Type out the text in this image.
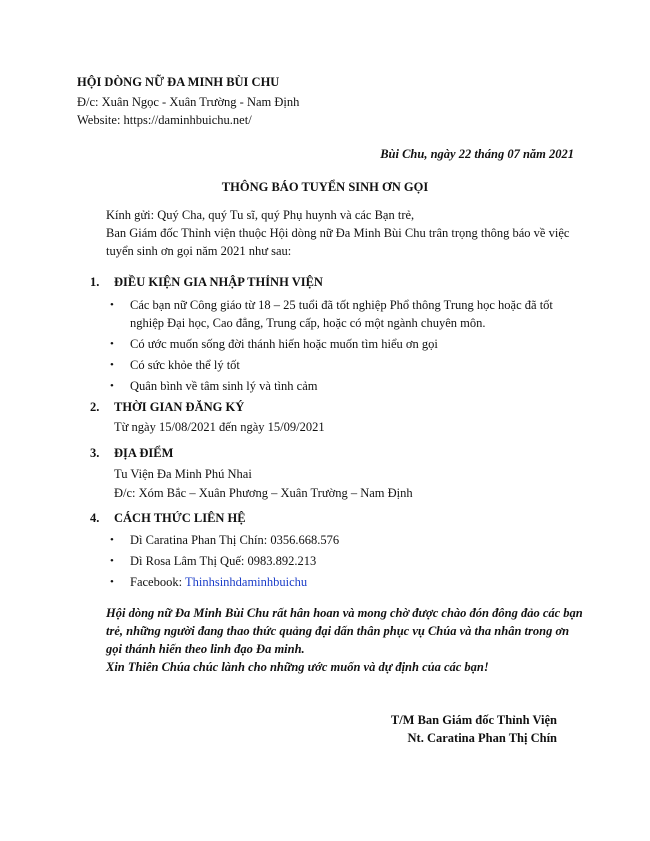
HỘI DÒNG NỮ ĐA MINH BÙI CHU
Đ/c: Xuân Ngọc - Xuân Trường - Nam Định
Website: https://daminhbuichu.net/
Bùi Chu, ngày 22 tháng 07 năm 2021
THÔNG BÁO TUYỂN SINH ƠN GỌI
Kính gửi: Quý Cha, quý Tu sĩ, quý Phụ huynh và các Bạn trẻ,
Ban Giám đốc Thỉnh viện thuộc Hội dòng nữ Đa Minh Bùi Chu trân trọng thông báo về việc tuyển sinh ơn gọi năm 2021 như sau:
1. ĐIỀU KIỆN GIA NHẬP THỈNH VIỆN
• Các bạn nữ Công giáo từ 18 – 25 tuổi đã tốt nghiệp Phổ thông Trung học hoặc đã tốt nghiệp Đại học, Cao đẳng, Trung cấp, hoặc có một ngành chuyên môn.
• Có ước muốn sống đời thánh hiến hoặc muốn tìm hiểu ơn gọi
• Có sức khỏe thể lý tốt
• Quân bình về tâm sinh lý và tình cảm
2. THỜI GIAN ĐĂNG KÝ
Từ ngày 15/08/2021 đến ngày 15/09/2021
3. ĐỊA ĐIỂM
Tu Viện Đa Minh Phú Nhai
Đ/c: Xóm Bắc – Xuân Phương – Xuân Trường – Nam Định
4. CÁCH THỨC LIÊN HỆ
• Dì Caratina Phan Thị Chín: 0356.668.576
• Dì Rosa Lâm Thị Quế: 0983.892.213
• Facebook: Thinhsinhdaminhbuichu
Hội dòng nữ Đa Minh Bùi Chu rất hân hoan và mong chờ được chào đón đông đảo các bạn trẻ, những người đang thao thức quảng đại dấn thân phục vụ Chúa và tha nhân trong ơn gọi thánh hiến theo linh đạo Đa minh.
Xin Thiên Chúa chúc lành cho những ước muốn và dự định của các bạn!
T/M Ban Giám đốc Thỉnh Viện
Nt. Caratina Phan Thị Chín
